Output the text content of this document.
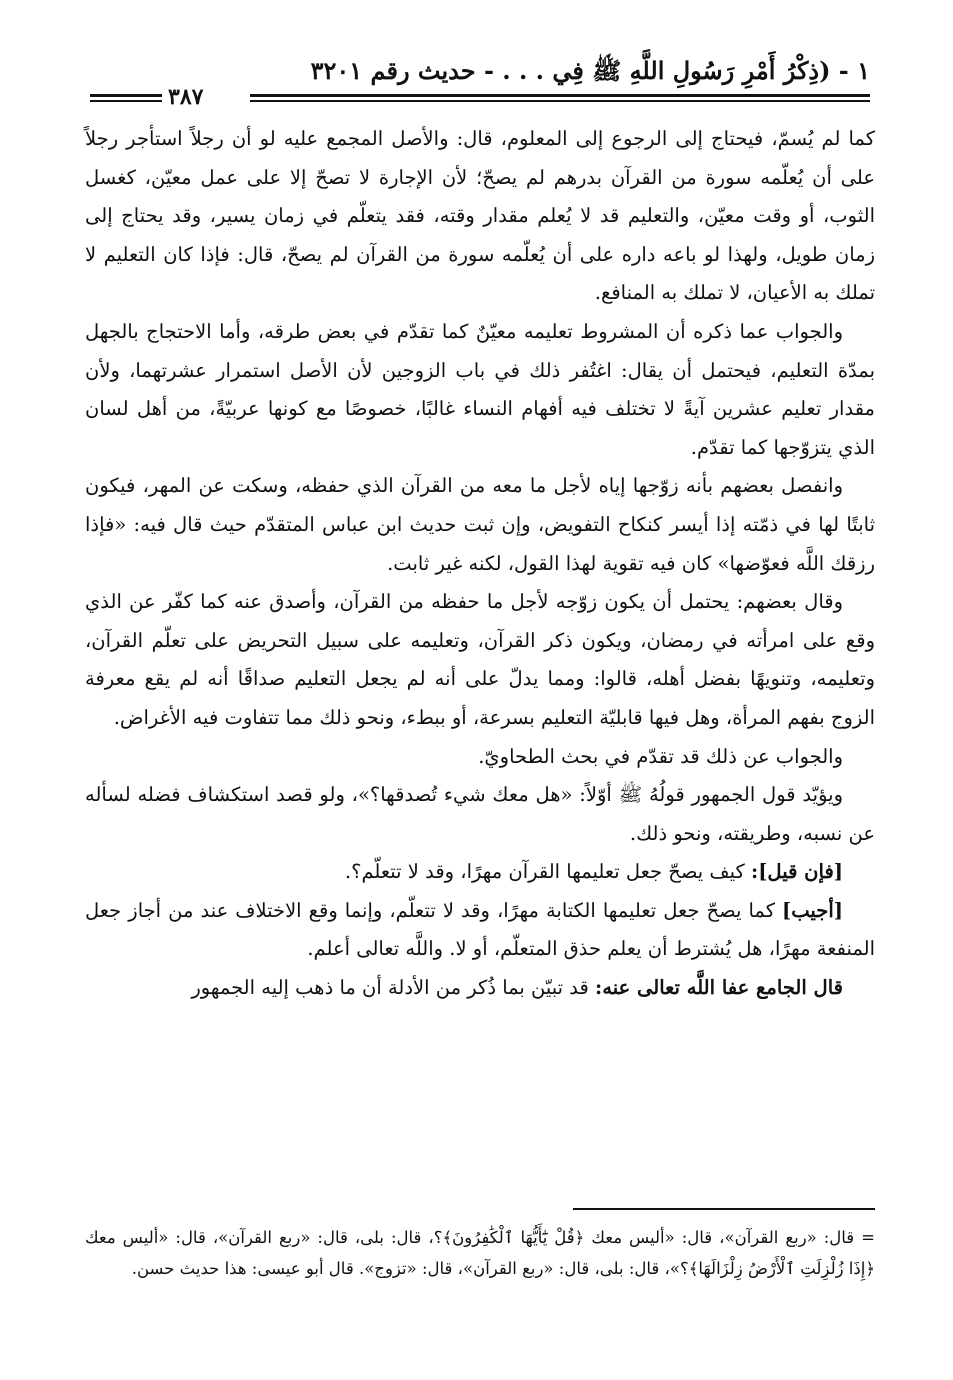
١ - (ذِكْرُ أَمْرِ رَسُولِ اللَّهِ ﷺ فِي . . . - حديث رقم ٣٢٠١
٣٨٧

كما لم يُسمّ، فيحتاج إلى الرجوع إلى المعلوم، قال: والأصل المجمع عليه لو أن رجلاً استأجر رجلاً على أن يُعلّمه سورة من القرآن بدرهم لم يصحّ؛ لأن الإجارة لا تصحّ إلا على عمل معيّن، كغسل الثوب، أو وقت معيّن، والتعليم قد لا يُعلم مقدار وقته، فقد يتعلّم في زمان يسير، وقد يحتاج إلى زمان طويل، ولهذا لو باعه داره على أن يُعلّمه سورة من القرآن لم يصحّ، قال: فإذا كان التعليم لا تملك به الأعيان، لا تملك به المنافع.

والجواب عما ذكره أن المشروط تعليمه معيّنٌ كما تقدّم في بعض طرقه، وأما الاحتجاج بالجهل بمدّة التعليم، فيحتمل أن يقال: اغتُفر ذلك في باب الزوجين لأن الأصل استمرار عشرتهما، ولأن مقدار تعليم عشرين آيةً لا تختلف فيه أفهام النساء غالبًا، خصوصًا مع كونها عربيّةً، من أهل لسان الذي يتزوّجها كما تقدّم.

وانفصل بعضهم بأنه زوّجها إياه لأجل ما معه من القرآن الذي حفظه، وسكت عن المهر، فيكون ثابتًا لها في ذمّته إذا أيسر كنكاح التفويض، وإن ثبت حديث ابن عباس المتقدّم حيث قال فيه: «فإذا رزقك اللَّه فعوّضها» كان فيه تقوية لهذا القول، لكنه غير ثابت.

وقال بعضهم: يحتمل أن يكون زوّجه لأجل ما حفظه من القرآن، وأصدق عنه كما كفّر عن الذي وقع على امرأته في رمضان، ويكون ذكر القرآن، وتعليمه على سبيل التحريض على تعلّم القرآن، وتعليمه، وتنويهًا بفضل أهله، قالوا: ومما يدلّ على أنه لم يجعل التعليم صداقًا أنه لم يقع معرفة الزوج بفهم المرأة، وهل فيها قابليّة التعليم بسرعة، أو ببطء، ونحو ذلك مما تتفاوت فيه الأغراض.

والجواب عن ذلك قد تقدّم في بحث الطحاويّ.

ويؤيّد قول الجمهور قولُهُ ﷺ أوّلاً: «هل معك شيء تُصدقها؟»، ولو قصد استكشاف فضله لسأله عن نسبه، وطريقته، ونحو ذلك.

[فإن قيل]: كيف يصحّ جعل تعليمها القرآن مهرًا، وقد لا تتعلّم؟.

[أجيب] كما يصحّ جعل تعليمها الكتابة مهرًا، وقد لا تتعلّم، وإنما وقع الاختلاف عند من أجاز جعل المنفعة مهرًا، هل يُشترط أن يعلم حذق المتعلّم، أو لا. واللَّه تعالى أعلم.

قال الجامع عفا اللَّه تعالى عنه: قد تبيّن بما ذُكر من الأدلة أن ما ذهب إليه الجمهور

= قال: «ربع القرآن»، قال: «أليس معك ﴿قُلْ يَٰٓأَيُّهَا ٱلْكَٰفِرُونَ﴾؟، قال: بلى، قال: «ربع القرآن»، قال: «أليس معك ﴿إِذَا زُلْزِلَتِ ٱلْأَرْضُ زِلْزَالَهَا﴾؟»، قال: بلى، قال: «ربع القرآن»، قال: «تزوج». قال أبو عيسى: هذا حديث حسن.
